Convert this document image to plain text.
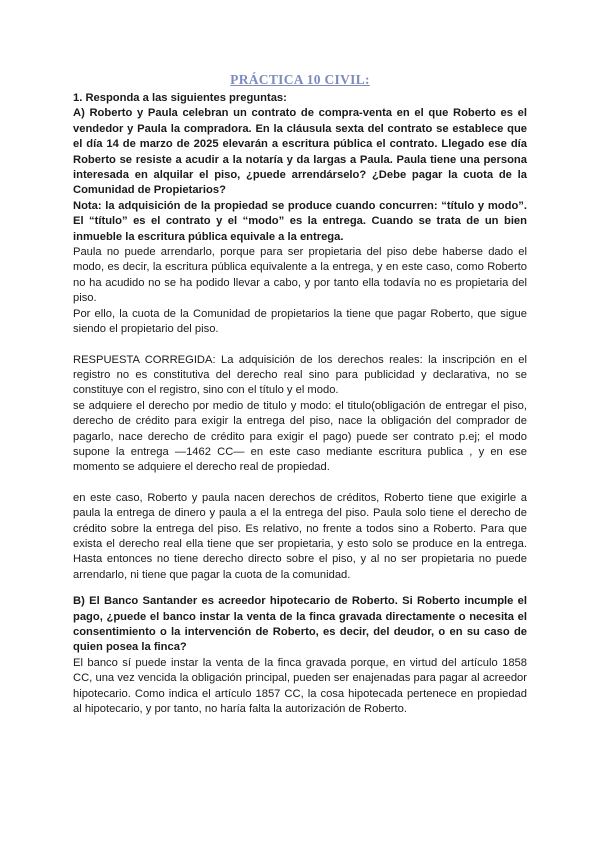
PRÁCTICA 10 CIVIL:

1. Responda a las siguientes preguntas:

A) Roberto y Paula celebran un contrato de compra-venta en el que Roberto es el vendedor y Paula la compradora. En la cláusula sexta del contrato se establece que el día 14 de marzo de 2025 elevarán a escritura pública el contrato. Llegado ese día Roberto se resiste a acudir a la notaría y da largas a Paula. Paula tiene una persona interesada en alquilar el piso, ¿puede arrendárselo? ¿Debe pagar la cuota de la Comunidad de Propietarios?

Nota: la adquisición de la propiedad se produce cuando concurren: “título y modo”. El “título” es el contrato y el “modo” es la entrega. Cuando se trata de un bien inmueble la escritura pública equivale a la entrega.

Paula no puede arrendarlo, porque para ser propietaria del piso debe haberse dado el modo, es decir, la escritura pública equivalente a la entrega, y en este caso, como Roberto no ha acudido no se ha podido llevar a cabo, y por tanto ella todavía no es propietaria del piso.

Por ello, la cuota de la Comunidad de propietarios la tiene que pagar Roberto, que sigue siendo el propietario del piso.

RESPUESTA CORREGIDA: La adquisición de los derechos reales: la inscripción en el registro no es constitutiva del derecho real sino para publicidad y declarativa, no se constituye con el registro, sino con el título y el modo.

se adquiere el derecho por medio de titulo y modo: el titulo(obligación de entregar el piso, derecho de crédito para exigir la entrega del piso, nace la obligación del comprador de pagarlo, nace derecho de crédito para exigir el pago) puede ser contrato p.ej; el modo supone la entrega —1462 CC— en este caso mediante escritura publica , y en ese momento se adquiere el derecho real de propiedad.

en este caso, Roberto y paula nacen derechos de créditos, Roberto tiene que exigirle a paula la entrega de dinero y paula a el la entrega del piso. Paula solo tiene el derecho de crédito sobre la entrega del piso. Es relativo, no frente a todos sino a Roberto. Para que exista el derecho real ella tiene que ser propietaria, y esto solo se produce en la entrega. Hasta entonces no tiene derecho directo sobre el piso, y al no ser propietaria no puede arrendarlo, ni tiene que pagar la cuota de la comunidad.

B) El Banco Santander es acreedor hipotecario de Roberto. Si Roberto incumple el pago, ¿puede el banco instar la venta de la finca gravada directamente o necesita el consentimiento o la intervención de Roberto, es decir, del deudor, o en su caso de quien posea la finca?

El banco sí puede instar la venta de la finca gravada porque, en virtud del artículo 1858 CC, una vez vencida la obligación principal, pueden ser enajenadas para pagar al acreedor hipotecario. Como indica el artículo 1857 CC, la cosa hipotecada pertenece en propiedad al hipotecario, y por tanto, no haría falta la autorización de Roberto.
